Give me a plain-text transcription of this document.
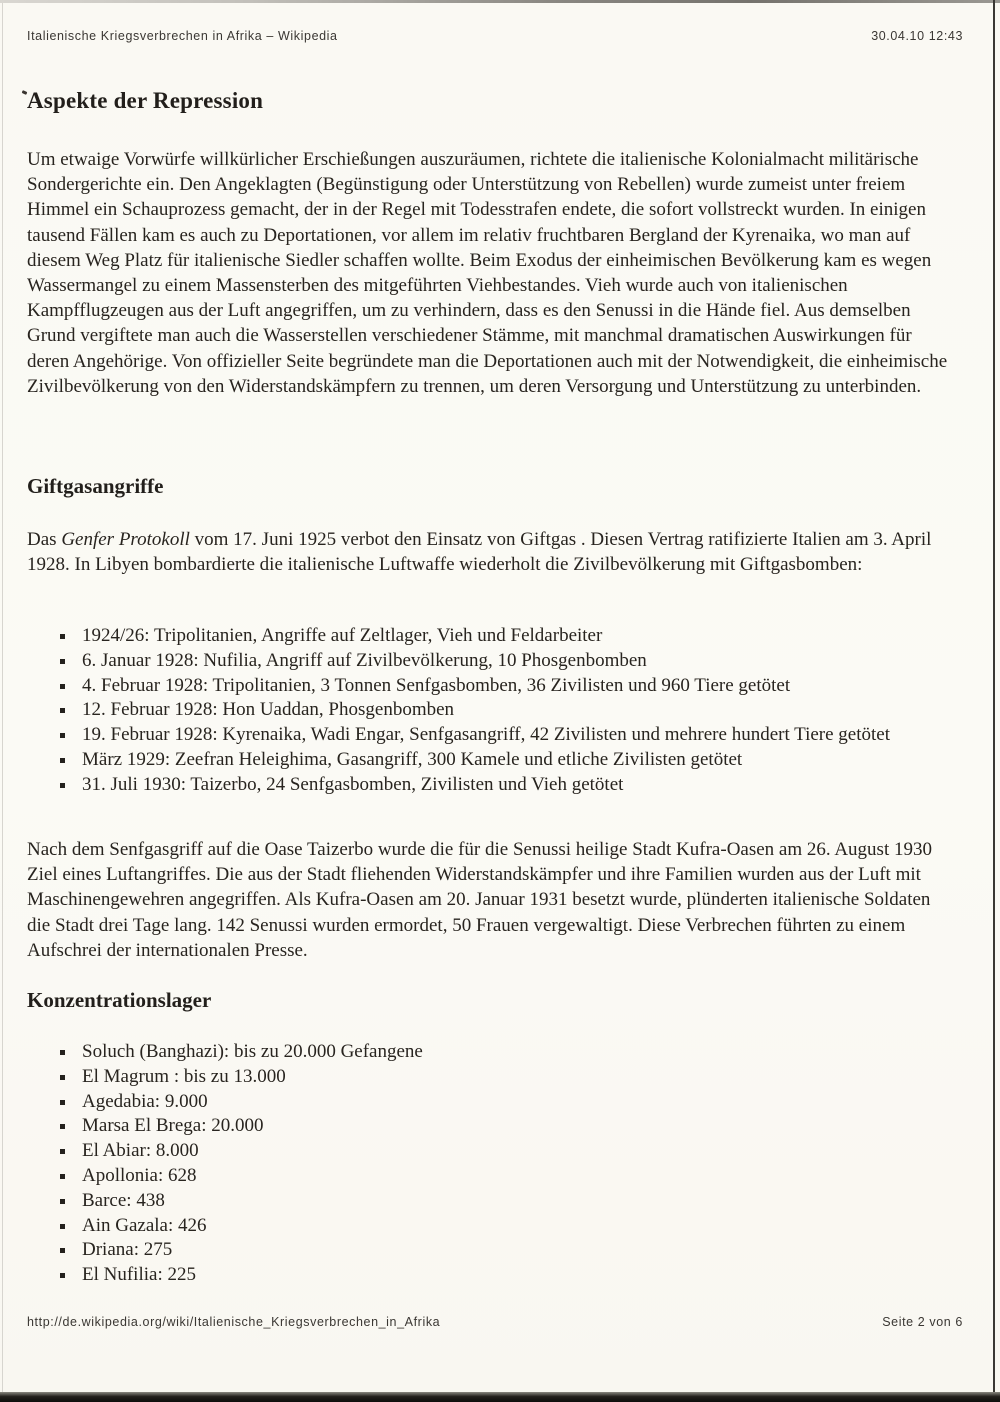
Italienische Kriegsverbrechen in Afrika – Wikipedia	30.04.10 12:43
Aspekte der Repression

Um etwaige Vorwürfe willkürlicher Erschießungen auszuräumen, richtete die italienische Kolonialmacht militärische Sondergerichte ein. Den Angeklagten (Begünstigung oder Unterstützung von Rebellen) wurde zumeist unter freiem Himmel ein Schauprozess gemacht, der in der Regel mit Todesstrafen endete, die sofort vollstreckt wurden. In einigen tausend Fällen kam es auch zu Deportationen, vor allem im relativ fruchtbaren Bergland der Kyrenaika, wo man auf diesem Weg Platz für italienische Siedler schaffen wollte. Beim Exodus der einheimischen Bevölkerung kam es wegen Wassermangel zu einem Massensterben des mitgeführten Viehbestandes. Vieh wurde auch von italienischen Kampfflugzeugen aus der Luft angegriffen, um zu verhindern, dass es den Senussi in die Hände fiel. Aus demselben Grund vergiftete man auch die Wasserstellen verschiedener Stämme, mit manchmal dramatischen Auswirkungen für deren Angehörige. Von offizieller Seite begründete man die Deportationen auch mit der Notwendigkeit, die einheimische Zivilbevölkerung von den Widerstandskämpfern zu trennen, um deren Versorgung und Unterstützung zu unterbinden.

Giftgasangriffe

Das Genfer Protokoll vom 17. Juni 1925 verbot den Einsatz von Giftgas . Diesen Vertrag ratifizierte Italien am 3. April 1928. In Libyen bombardierte die italienische Luftwaffe wiederholt die Zivilbevölkerung mit Giftgasbomben:

1924/26: Tripolitanien, Angriffe auf Zeltlager, Vieh und Feldarbeiter
6. Januar 1928: Nufilia, Angriff auf Zivilbevölkerung, 10 Phosgenbomben
4. Februar 1928: Tripolitanien, 3 Tonnen Senfgasbomben, 36 Zivilisten und 960 Tiere getötet
12. Februar 1928: Hon Uaddan, Phosgenbomben
19. Februar 1928: Kyrenaika, Wadi Engar, Senfgasangriff, 42 Zivilisten und mehrere hundert Tiere getötet
März 1929: Zeefran Heleighima, Gasangriff, 300 Kamele und etliche Zivilisten getötet
31. Juli 1930: Taizerbo, 24 Senfgasbomben, Zivilisten und Vieh getötet

Nach dem Senfgasgriff auf die Oase Taizerbo wurde die für die Senussi heilige Stadt Kufra-Oasen am 26. August 1930 Ziel eines Luftangriffes. Die aus der Stadt fliehenden Widerstandskämpfer und ihre Familien wurden aus der Luft mit Maschinengewehren angegriffen. Als Kufra-Oasen am 20. Januar 1931 besetzt wurde, plünderten italienische Soldaten die Stadt drei Tage lang. 142 Senussi wurden ermordet, 50 Frauen vergewaltigt. Diese Verbrechen führten zu einem Aufschrei der internationalen Presse.

Konzentrationslager
Soluch (Banghazi): bis zu 20.000 Gefangene
El Magrum : bis zu 13.000
Agedabia: 9.000
Marsa El Brega: 20.000
El Abiar: 8.000
Apollonia: 628
Barce: 438
Ain Gazala: 426
Driana: 275
El Nufilia: 225
http://de.wikipedia.org/wiki/Italienische_Kriegsverbrechen_in_Afrika	Seite 2 von 6
